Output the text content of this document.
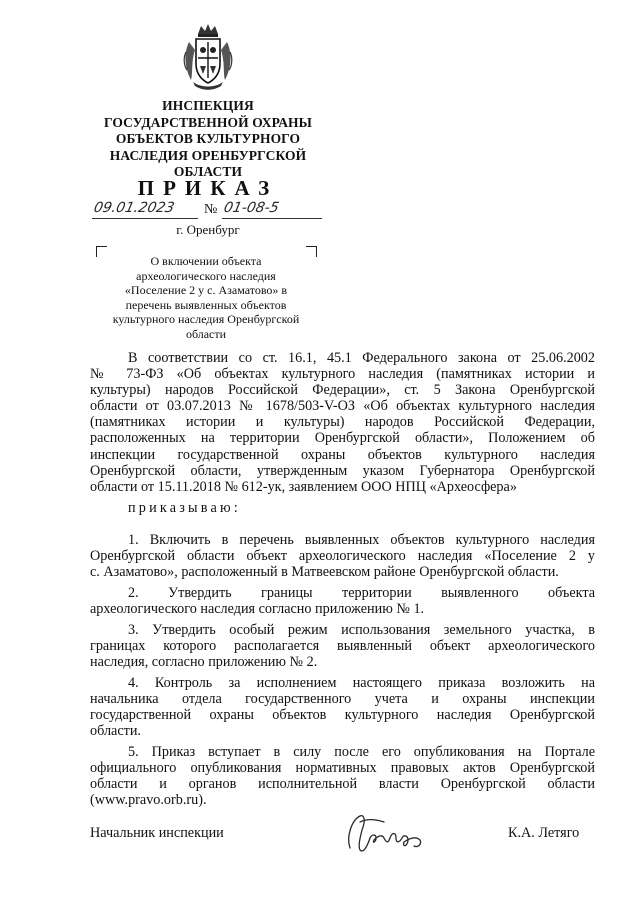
ИНСПЕКЦИЯ
ГОСУДАРСТВЕННОЙ ОХРАНЫ
ОБЪЕКТОВ КУЛЬТУРНОГО
НАСЛЕДИЯ ОРЕНБУРГСКОЙ
ОБЛАСТИ
ПРИКАЗ
09.01.2023 № 01-08-5
г. Оренбург
О включении объекта
археологического наследия
«Поселение 2 у с. Азаматово» в
перечень выявленных объектов
культурного наследия Оренбургской
области
В соответствии со ст. 16.1, 45.1 Федерального закона от 25.06.2002
№ 73-ФЗ «Об объектах культурного наследия (памятниках истории и
культуры) народов Российской Федерации», ст. 5 Закона Оренбургской
области от 03.07.2013 № 1678/503-V-ОЗ «Об объектах культурного наследия
(памятниках истории и культуры) народов Российской Федерации,
расположенных на территории Оренбургской области», Положением об
инспекции государственной охраны объектов культурного наследия
Оренбургской области, утвержденным указом Губернатора Оренбургской
области от 15.11.2018 № 612-ук, заявлением ООО НПЦ «Археосфера»
приказываю:
1. Включить в перечень выявленных объектов культурного наследия
Оренбургской области объект археологического наследия «Поселение 2 у
с. Азаматово», расположенный в Матвеевском районе Оренбургской области.
2. Утвердить границы территории выявленного объекта
археологического наследия согласно приложению № 1.
3. Утвердить особый режим использования земельного участка, в
границах которого располагается выявленный объект археологического
наследия, согласно приложению № 2.
4. Контроль за исполнением настоящего приказа возложить на
начальника отдела государственного учета и охраны инспекции
государственной охраны объектов культурного наследия Оренбургской
области.
5. Приказ вступает в силу после его опубликования на Портале
официального опубликования нормативных правовых актов Оренбургской
области и органов исполнительной власти Оренбургской области
(www.pravo.orb.ru).
Начальник инспекции	К.А. Летяго
